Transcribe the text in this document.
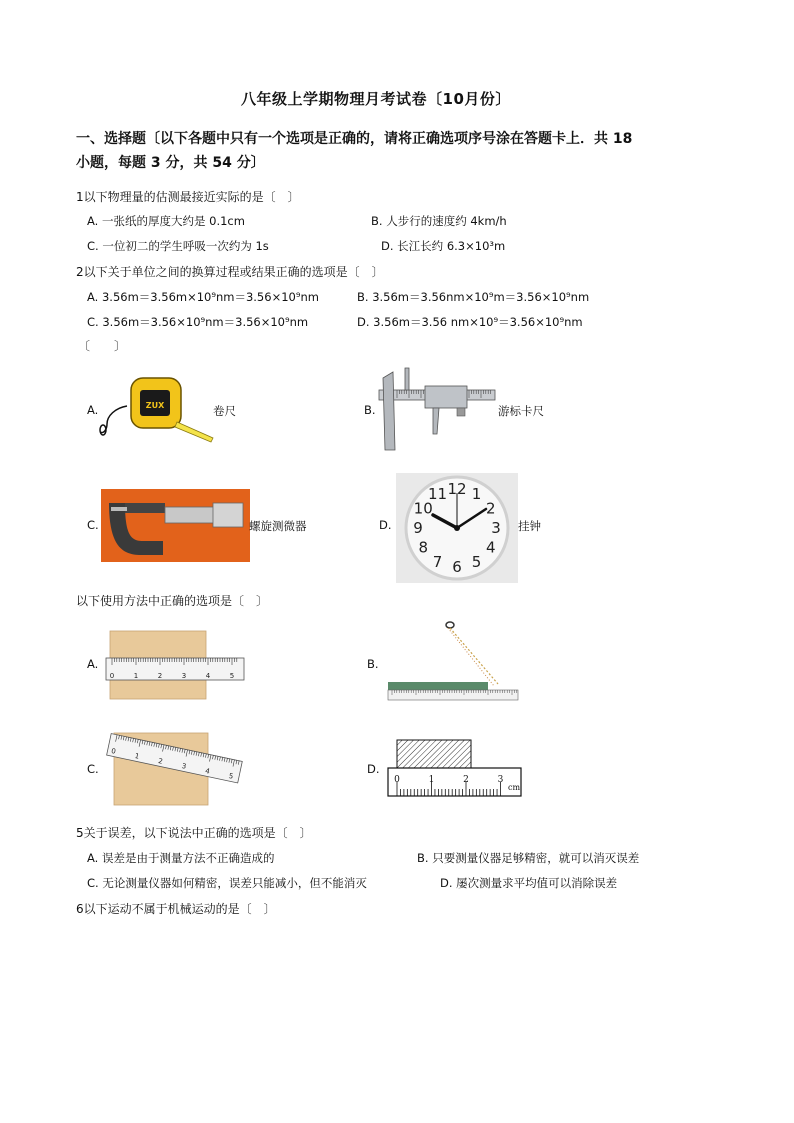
八年级上学期物理月考试卷〔10月份〕
一、选择题〔以下各题中只有一个选项是正确的，请将正确选项序号涂在答题卡上．共 18
小题，每题 3 分，共 54 分〕
1以下物理量的估测最接近实际的是〔　〕
A. 一张纸的厚度大约是 0.1cm	B. 人步行的速度约 4km/h
C. 一位初二的学生呼吸一次约为 1s	D. 长江长约 6.3×10³m
2以下关于单位之间的换算过程或结果正确的选项是〔　〕
A. 3.56m＝3.56m×10⁹nm＝3.56×10⁹nm	B. 3.56m＝3.56nm×10⁹m＝3.56×10⁹nm
C. 3.56m＝3.56×10⁹nm＝3.56×10⁹nm	D. 3.56m＝3.56 nm×10⁹＝3.56×10⁹nm
〔　　〕
A.	ZUX	卷尺	B.	游标卡尺
C.	螺旋测微器	D.
12 1
2
3
4
5
6
7
8
9
10
11
挂钟
以下使用方法中正确的选项是〔　〕
A.
0	1	2	3	4	5
B.
C.
0
1
2
3
4
5
D.
0	1	2	3
cm
5关于误差，以下说法中正确的选项是〔　〕
A. 误差是由于测量方法不正确造成的	B. 只要测量仪器足够精密，就可以消灭误差
C. 无论测量仪器如何精密，误差只能减小，但不能消灭	D. 屡次测量求平均值可以消除误差
6以下运动不属于机械运动的是〔　〕
